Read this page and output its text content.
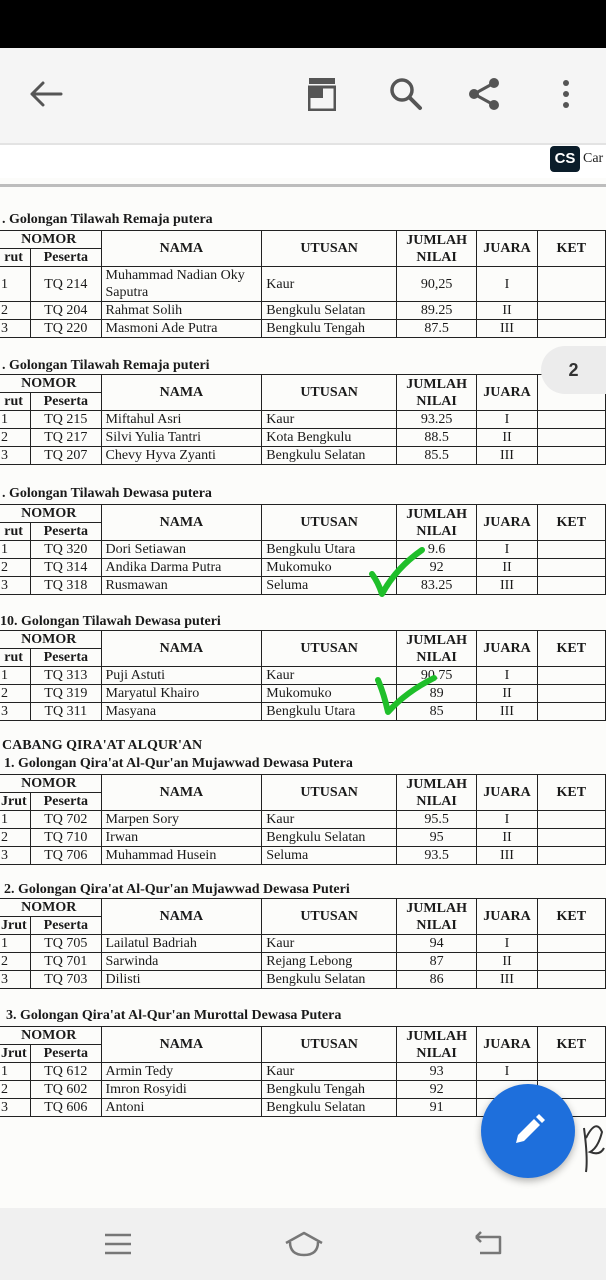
CS Car
. Golongan Tilawah Remaja putera
NOMOR		NAMA	UTUSAN	JUMLAH
NILAI	JUARA	KET
rut	Peserta					
1	TQ 214	Muhammad Nadian Oky Saputra	Kaur	90,25	I	
2	TQ 204	Rahmat Solih	Bengkulu Selatan	89.25	II	
3	TQ 220	Masmoni Ade Putra	Bengkulu Tengah	87.5	III	
. Golongan Tilawah Remaja puteri
NOMOR		NAMA	UTUSAN	JUMLAH
NILAI	JUARA	
rut	Peserta					
1	TQ 215	Miftahul Asri	Kaur	93.25	I	
2	TQ 217	Silvi Yulia Tantri	Kota Bengkulu	88.5	II	
3	TQ 207	Chevy Hyva Zyanti	Bengkulu Selatan	85.5	III	
. Golongan Tilawah Dewasa putera
NOMOR		NAMA	UTUSAN	JUMLAH
NILAI	JUARA	KET
rut	Peserta					
1	TQ 320	Dori Setiawan	Bengkulu Utara	9.6	I	
2	TQ 314	Andika Darma Putra	Mukomuko	92	II	
3	TQ 318	Rusmawan	Seluma	83.25	III	
10. Golongan Tilawah Dewasa puteri
NOMOR		NAMA	UTUSAN	JUMLAH
NILAI	JUARA	KET
rut	Peserta					
1	TQ 313	Puji Astuti	Kaur	90.75	I	
2	TQ 319	Maryatul Khairo	Mukomuko	89	II	
3	TQ 311	Masyana	Bengkulu Utara	85	III	
1. Golongan Qira'at Al-Qur'an Mujawwad Dewasa Putera
NOMOR		NAMA	UTUSAN	JUMLAH
NILAI	JUARA	KET
Jrut	Peserta					
1	TQ 702	Marpen Sory	Kaur	95.5	I	
2	TQ 710	Irwan	Bengkulu Selatan	95	II	
3	TQ 706	Muhammad Husein	Seluma	93.5	III	
2. Golongan Qira'at Al-Qur'an Mujawwad Dewasa Puteri
NOMOR		NAMA	UTUSAN	JUMLAH
NILAI	JUARA	KET
Jrut	Peserta					
1	TQ 705	Lailatul Badriah	Kaur	94	I	
2	TQ 701	Sarwinda	Rejang Lebong	87	II	
3	TQ 703	Dilisti	Bengkulu Selatan	86	III	
3. Golongan Qira'at Al-Qur'an Murottal Dewasa Putera
NOMOR		NAMA	UTUSAN	JUMLAH
NILAI	JUARA	KET
Jrut	Peserta					
1	TQ 612	Armin Tedy	Kaur	93	I	
2	TQ 602	Imron Rosyidi	Bengkulu Tengah	92		
3	TQ 606	Antoni	Bengkulu Selatan	91		
CABANG QIRA'AT ALQUR'AN
2
